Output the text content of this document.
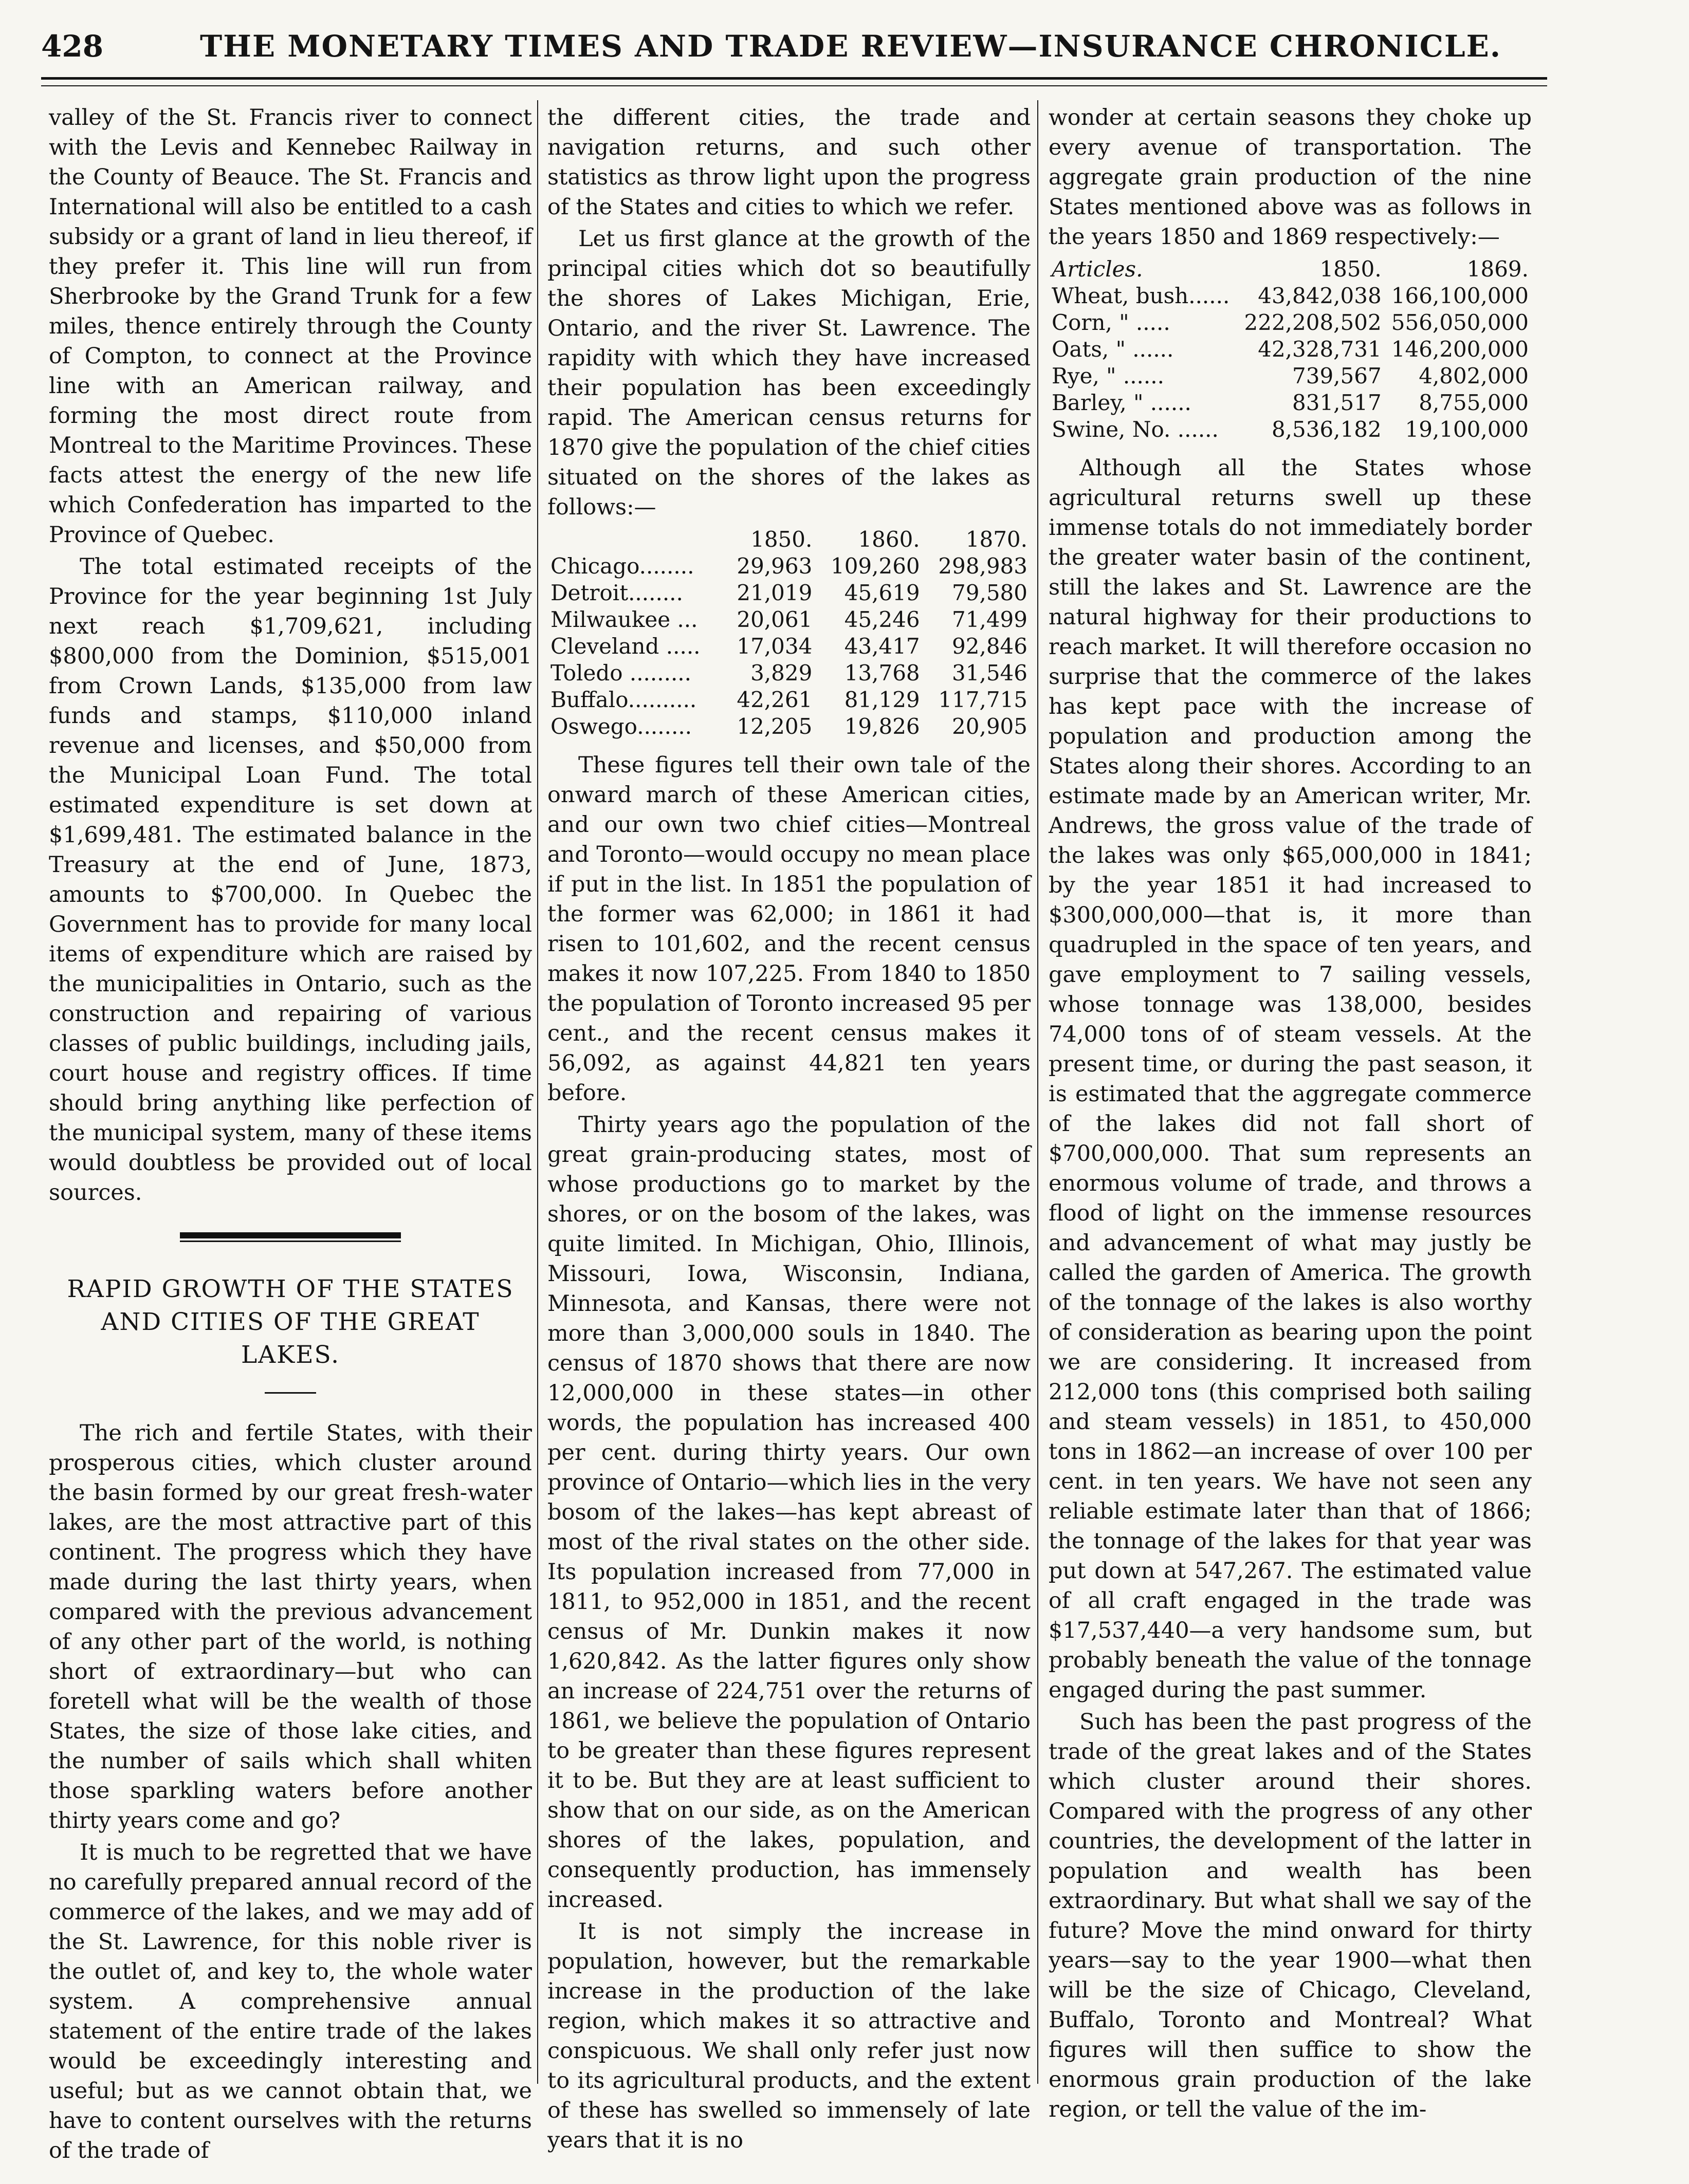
428	THE MONETARY TIMES AND TRADE REVIEW—INSURANCE CHRONICLE.

valley of the St. Francis river to connect with the Levis and Kennebec Railway in the County of Beauce. The St. Francis and International will also be entitled to a cash subsidy or a grant of land in lieu thereof, if they prefer it. This line will run from Sherbrooke by the Grand Trunk for a few miles, thence entirely through the County of Compton, to connect at the Province line with an American railway, and forming the most direct route from Montreal to the Maritime Provinces. These facts attest the energy of the new life which Confederation has imparted to the Province of Quebec.

The total estimated receipts of the Province for the year beginning 1st July next reach $1,709,621, including $800,000 from the Dominion, $515,001 from Crown Lands, $135,000 from law funds and stamps, $110,000 inland revenue and licenses, and $50,000 from the Municipal Loan Fund. The total estimated expenditure is set down at $1,699,481. The estimated balance in the Treasury at the end of June, 1873, amounts to $700,000. In Quebec the Government has to provide for many local items of expenditure which are raised by the municipalities in Ontario, such as the construction and repairing of various classes of public buildings, including jails, court house and registry offices. If time should bring anything like perfection of the municipal system, many of these items would doubtless be provided out of local sources.

RAPID GROWTH OF THE STATES AND CITIES OF THE GREAT LAKES.

The rich and fertile States, with their prosperous cities, which cluster around the basin formed by our great fresh-water lakes, are the most attractive part of this continent. The progress which they have made during the last thirty years, when compared with the previous advancement of any other part of the world, is nothing short of extraordinary—but who can foretell what will be the wealth of those States, the size of those lake cities, and the number of sails which shall whiten those sparkling waters before another thirty years come and go?

It is much to be regretted that we have no carefully prepared annual record of the commerce of the lakes, and we may add of the St. Lawrence, for this noble river is the outlet of, and key to, the whole water system. A comprehensive annual statement of the entire trade of the lakes would be exceedingly interesting and useful; but as we cannot obtain that, we have to content ourselves with the returns of the trade of

the different cities, the trade and navigation returns, and such other statistics as throw light upon the progress of the States and cities to which we refer.

Let us first glance at the growth of the principal cities which dot so beautifully the shores of Lakes Michigan, Erie, Ontario, and the river St. Lawrence. The rapidity with which they have increased their population has been exceedingly rapid. The American census returns for 1870 give the population of the chief cities situated on the shores of the lakes as follows:—

	1850.	1860.	1870.
Chicago........	29,963	109,260	298,983
Detroit........	21,019	45,619	79,580
Milwaukee ...	20,061	45,246	71,499
Cleveland .....	17,034	43,417	92,846
Toledo .........	3,829	13,768	31,546
Buffalo..........	42,261	81,129	117,715
Oswego........	12,205	19,826	20,905

These figures tell their own tale of the onward march of these American cities, and our own two chief cities—Montreal and Toronto—would occupy no mean place if put in the list. In 1851 the population of the former was 62,000; in 1861 it had risen to 101,602, and the recent census makes it now 107,225. From 1840 to 1850 the population of Toronto increased 95 per cent., and the recent census makes it 56,092, as against 44,821 ten years before.

Thirty years ago the population of the great grain-producing states, most of whose productions go to market by the shores, or on the bosom of the lakes, was quite limited. In Michigan, Ohio, Illinois, Missouri, Iowa, Wisconsin, Indiana, Minnesota, and Kansas, there were not more than 3,000,000 souls in 1840. The census of 1870 shows that there are now 12,000,000 in these states—in other words, the population has increased 400 per cent. during thirty years. Our own province of Ontario—which lies in the very bosom of the lakes—has kept abreast of most of the rival states on the other side. Its population increased from 77,000 in 1811, to 952,000 in 1851, and the recent census of Mr. Dunkin makes it now 1,620,842. As the latter figures only show an increase of 224,751 over the returns of 1861, we believe the population of Ontario to be greater than these figures represent it to be. But they are at least sufficient to show that on our side, as on the American shores of the lakes, population, and consequently production, has immensely increased.

It is not simply the increase in population, however, but the remarkable increase in the production of the lake region, which makes it so attractive and conspicuous. We shall only refer just now to its agricultural products, and the extent of these has swelled so immensely of late years that it is no

wonder at certain seasons they choke up every avenue of transportation. The aggregate grain production of the nine States mentioned above was as follows in the years 1850 and 1869 respectively:—

Articles.	1850.	1869.
Wheat, bush......	43,842,038	166,100,000
Corn, " .....	222,208,502	556,050,000
Oats, " ......	42,328,731	146,200,000
Rye, " ......	739,567	4,802,000
Barley, " ......	831,517	8,755,000
Swine, No. ......	8,536,182	19,100,000

Although all the States whose agricultural returns swell up these immense totals do not immediately border the greater water basin of the continent, still the lakes and St. Lawrence are the natural highway for their productions to reach market. It will therefore occasion no surprise that the commerce of the lakes has kept pace with the increase of population and production among the States along their shores. According to an estimate made by an American writer, Mr. Andrews, the gross value of the trade of the lakes was only $65,000,000 in 1841; by the year 1851 it had increased to $300,000,000—that is, it more than quadrupled in the space of ten years, and gave employment to 7 sailing vessels, whose tonnage was 138,000, besides 74,000 tons of of steam vessels. At the present time, or during the past season, it is estimated that the aggregate commerce of the lakes did not fall short of $700,000,000. That sum represents an enormous volume of trade, and throws a flood of light on the immense resources and advancement of what may justly be called the garden of America. The growth of the tonnage of the lakes is also worthy of consideration as bearing upon the point we are considering. It increased from 212,000 tons (this comprised both sailing and steam vessels) in 1851, to 450,000 tons in 1862—an increase of over 100 per cent. in ten years. We have not seen any reliable estimate later than that of 1866; the tonnage of the lakes for that year was put down at 547,267. The estimated value of all craft engaged in the trade was $17,537,440—a very handsome sum, but probably beneath the value of the tonnage engaged during the past summer.

Such has been the past progress of the trade of the great lakes and of the States which cluster around their shores. Compared with the progress of any other countries, the development of the latter in population and wealth has been extraordinary. But what shall we say of the future? Move the mind onward for thirty years—say to the year 1900—what then will be the size of Chicago, Cleveland, Buffalo, Toronto and Montreal? What figures will then suffice to show the enormous grain production of the lake region, or tell the value of the im-
